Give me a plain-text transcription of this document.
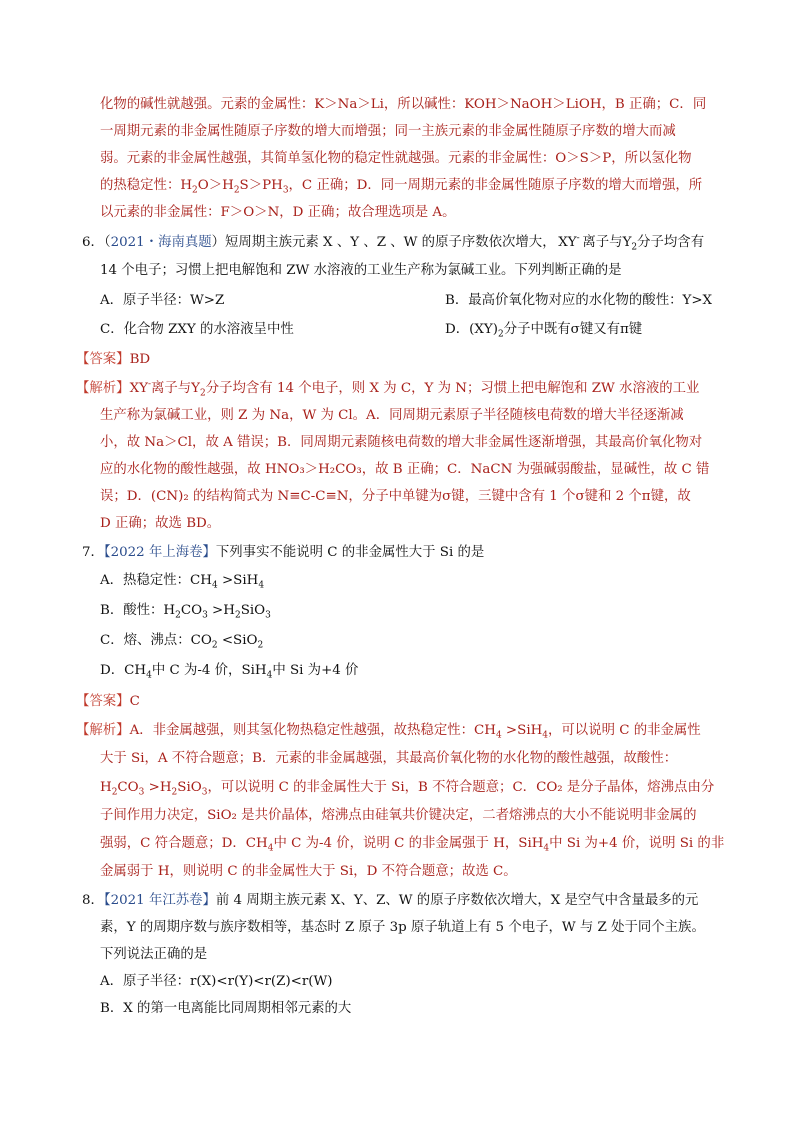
化物的碱性就越强。元素的金属性：K＞Na＞Li，所以碱性：KOH＞NaOH＞LiOH，B 正确；C．同
一周期元素的非金属性随原子序数的增大而增强；同一主族元素的非金属性随原子序数的增大而减
弱。元素的非金属性越强，其简单氢化物的稳定性就越强。元素的非金属性：O＞S＞P，所以氢化物
的热稳定性：$H_2O>H_2S>PH_3$，C 正确；D．同一周期元素的非金属性随原子序数的增大而增强，所
以元素的非金属性：F＞O＞N，D 正确；故合理选项是 A。
6．（2021・海南真题）短周期主族元素 X 、Y 、Z 、W 的原子序数依次增大， XY-  离子与$Y_2$分子均含有
14 个电子；习惯上把电解饱和 ZW 水溶液的工业生产称为氯碱工业。下列判断正确的是
A．原子半径：W>Z	B．最高价氧化物对应的水化物的酸性：Y>X
C．化合物 ZXY 的水溶液呈中性	D．$(XY)_2$分子中既有σ键又有π键
【答案】BD
【解析】XY-离子与$Y_2$分子均含有 14 个电子，则 X 为 C，Y 为 N；习惯上把电解饱和 ZW 水溶液的工业
生产称为氯碱工业，则 Z 为 Na，W 为 Cl。A．同周期元素原子半径随核电荷数的增大半径逐渐减
小，故 Na＞Cl，故 A 错误；B．同周期元素随核电荷数的增大非金属性逐渐增强，其最高价氧化物对
应的水化物的酸性越强，故 HNO₃＞H₂CO₃，故 B 正确；C．NaCN 为强碱弱酸盐，显碱性，故 C 错
误；D．(CN)₂ 的结构简式为 N≡C-C≡N，分子中单键为σ键，三键中含有 1 个σ键和 2 个π键，故
D 正确；故选 BD。
7．【2022 年上海卷】下列事实不能说明 C 的非金属性大于 Si 的是
A．热稳定性：$CH_4 >SiH_4$
B．酸性：$H_2CO_3 >H_2SiO_3$
C．熔、沸点：$CO_2 <SiO_2$
D．$CH_4$中 C 为-4 价，SiH$_4$中 Si 为+4 价
【答案】C
【解析】A．非金属越强，则其氢化物热稳定性越强，故热稳定性：$CH_4 >SiH_4$，可以说明 C 的非金属性
大于 Si，A 不符合题意；B．元素的非金属越强，其最高价氧化物的水化物的酸性越强，故酸性：
$H_2CO_3 >H_2SiO_3$，可以说明 C 的非金属性大于 Si，B 不符合题意；C．CO₂ 是分子晶体，熔沸点由分
子间作用力决定，SiO₂ 是共价晶体，熔沸点由硅氧共价键决定，二者熔沸点的大小不能说明非金属的
强弱，C 符合题意；D．$CH_4$中 C 为-4 价，说明 C 的非金属强于 H，SiH$_4$中 Si 为+4 价，说明 Si 的非
金属弱于 H，则说明 C 的非金属性大于 Si，D 不符合题意；故选 C。
8．【2021 年江苏卷】前 4 周期主族元素 X、Y、Z、W 的原子序数依次增大，X 是空气中含量最多的元
素，Y 的周期序数与族序数相等，基态时 Z 原子 3p 原子轨道上有 5 个电子，W 与 Z 处于同个主族。
下列说法正确的是
A．原子半径：r(X)<r(Y)<r(Z)<r(W)
B．X 的第一电离能比同周期相邻元素的大
